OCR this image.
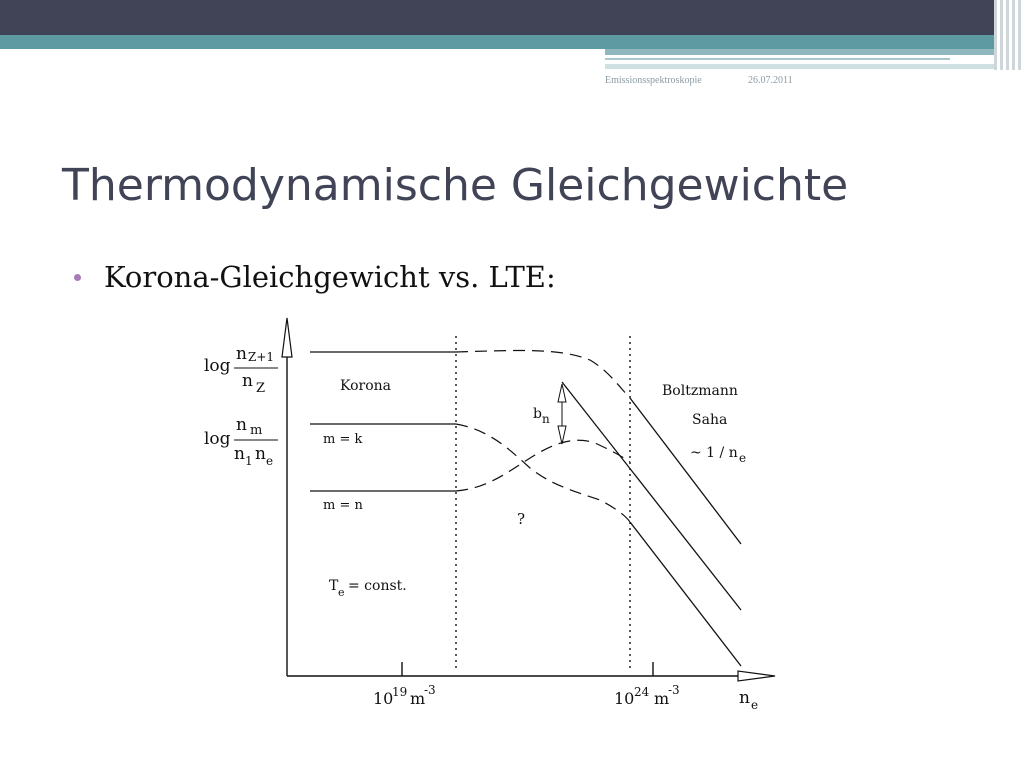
Emissionsspektroskopie	26.07.2011
Thermodynamische Gleichgewichte
Korona-Gleichgewicht vs. LTE:
log
n Z+1
n Z
log
n m
n 1 n e
Korona
m = k
m = n
T e = const.
Boltzmann
Saha
~ 1 / n e
b n
?
10
19 m
-3	10 24 m
-3	n e
